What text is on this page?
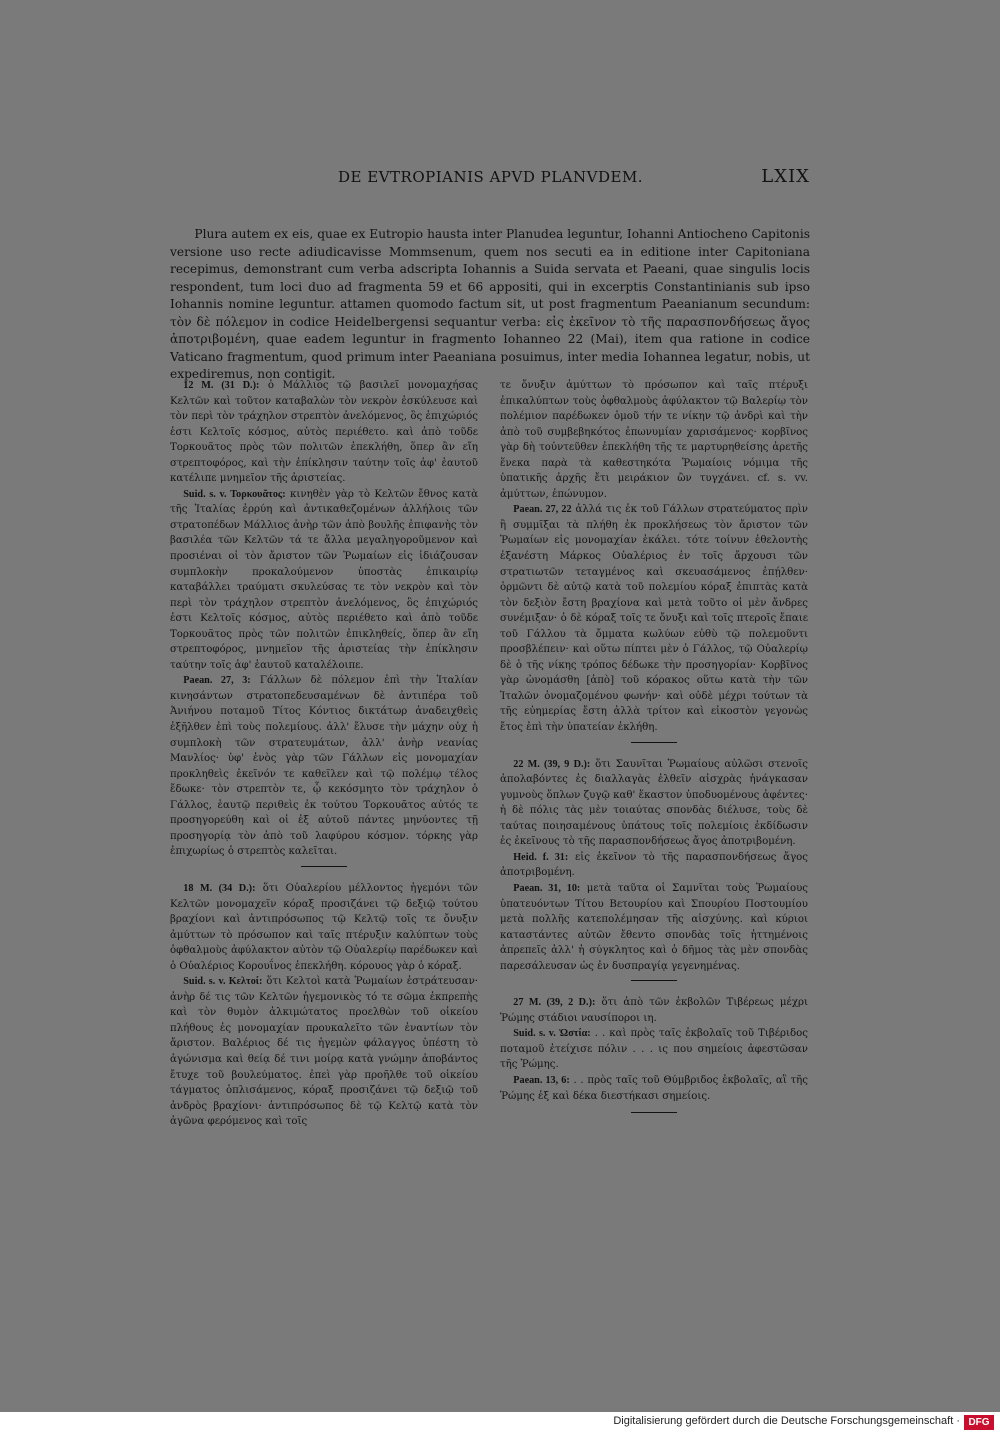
DE EVTROPIANIS APVD PLANVDEM.	LXIX

Plura autem ex eis, quae ex Eutropio hausta inter Planudea leguntur, Iohanni Antiocheno Capitonis versione uso recte adiudicavisse Mommsenum, quem nos secuti ea in editione inter Capitoniana recepimus, demonstrant cum verba adscripta Iohannis a Suida servata et Paeani, quae singulis locis respondent, tum loci duo ad fragmenta 59 et 66 appositi, qui in excerptis Constantinianis sub ipso Iohannis nomine leguntur. attamen quomodo factum sit, ut post fragmentum Paeanianum secundum: τὸν δὲ πόλεμον in codice Heidelbergensi sequantur verba: εἰς ἐκεῖνον τὸ τῆς παρασπονδήσεως ἄγος ἀποτριβομένη, quae eadem leguntur in fragmento Iohanneo 22 (Mai), item qua ratione in codice Vaticano fragmentum, quod primum inter Paeaniana posuimus, inter media Iohannea legatur, nobis, ut expediremus, non contigit.

12 M. (31 D.): ὁ Μάλλιος τῷ βασιλεῖ μονομαχήσας Κελτῶν καὶ τοῦτον καταβαλὼν τὸν νεκρὸν ἐσκύλευσε καὶ τὸν περὶ τὸν τράχηλον στρεπτὸν ἀνελόμενος, ὃς ἐπιχώριός ἐστι Κελτοῖς κόσμος, αὐτὸς περιέθετο. καὶ ἀπὸ τοῦδε Τορκουᾶτος πρὸς τῶν πολιτῶν ἐπεκλήθη, ὅπερ ἂν εἴη στρεπτοφόρος, καὶ τὴν ἐπίκλησιν ταύτην τοῖς ἀφ' ἑαυτοῦ κατέλιπε μνημεῖον τῆς ἀριστείας.

Suid. s. v. Τορκουᾶτος: κινηθὲν γὰρ τὸ Κελτῶν ἔθνος κατὰ τῆς Ἰταλίας ἐρρύη καὶ ἀντικαθεζομένων ἀλλήλοις τῶν στρατοπέδων Μάλλιος ἀνὴρ τῶν ἀπὸ βουλῆς ἐπιφανὴς τὸν βασιλέα τῶν Κελτῶν τά τε ἄλλα μεγαληγοροῦμενον καὶ προσιέναι οἱ τὸν ἄριστον τῶν Ῥωμαίων εἰς ἰδιάζουσαν συμπλοκὴν προκαλούμενον ὑποστὰς ἐπικαιρίῳ καταβάλλει τραύματι σκυλεύσας τε τὸν νεκρὸν καὶ τὸν περὶ τὸν τράχηλον στρεπτὸν ἀνελόμενος, ὃς ἐπιχώριός ἐστι Κελτοῖς κόσμος, αὐτὸς περιέθετο καὶ ἀπὸ τοῦδε Τορκουᾶτος πρὸς τῶν πολιτῶν ἐπικληθείς, ὅπερ ἂν εἴη στρεπτοφόρος, μνημεῖον τῆς ἀριστείας τὴν ἐπίκλησιν ταύτην τοῖς ἀφ' ἑαυτοῦ καταλέλοιπε.

Paean. 27, 3: Γάλλων δὲ πόλεμον ἐπὶ τὴν Ἰταλίαν κινησάντων στρατοπεδευσαμένων δὲ ἀντιπέρα τοῦ Ἀνιήνου ποταμοῦ Τίτος Κόντιος δικτάτωρ ἀναδειχθεὶς ἐξῆλθεν ἐπὶ τοὺς πολεμίους. ἀλλ' ἔλυσε τὴν μάχην οὐχ ἡ συμπλοκὴ τῶν στρατευμάτων, ἀλλ' ἀνὴρ νεανίας Μανλίος· ὑφ' ἑνὸς γὰρ τῶν Γάλλων εἰς μονομαχίαν προκληθεὶς ἐκεῖνόν τε καθεῖλεν καὶ τῷ πολέμῳ τέλος ἔδωκε· τὸν στρεπτὸν τε, ᾧ κεκόσμητο τὸν τράχηλον ὁ Γάλλος, ἑαυτῷ περιθεὶς ἐκ τούτου Τορκουᾶτος αὐτός τε προσηγορεύθη καὶ οἱ ἐξ αὐτοῦ πάντες μηνύοντες τῇ προσηγορίᾳ τὸν ἀπὸ τοῦ λαφύρου κόσμον. τόρκης γὰρ ἐπιχωρίως ὁ στρεπτὸς καλεῖται.

18 M. (34 D.): ὅτι Οὐαλερίου μέλλοντος ἡγεμόνι τῶν Κελτῶν μονομαχεῖν κόραξ προσιζάνει τῷ δεξιῷ τούτου βραχίονι καὶ ἀντιπρόσωπος τῷ Κελτῷ τοῖς τε ὄνυξιν ἀμύττων τὸ πρόσωπον καὶ ταῖς πτέρυξιν καλύπτων τοὺς ὀφθαλμοὺς ἀφύλακτον αὐτὸν τῷ Οὐαλερίῳ παρέδωκεν καὶ ὁ Οὐαλέριος Κορουΐνος ἐπεκλήθη. κόρουος γὰρ ὁ κόραξ.

Suid. s. v. Κελτοί: ὅτι Κελτοὶ κατὰ Ῥωμαίων ἐστράτευσαν· ἀνὴρ δέ τις τῶν Κελτῶν ἡγεμονικὸς τό τε σῶμα ἐκπρεπὴς καὶ τὸν θυμὸν ἀλκιμώτατος προελθὼν τοῦ οἰκείου πλήθους ἐς μονομαχίαν προυκαλεῖτο τῶν ἐναντίων τὸν ἄριστον. Βαλέριος δέ τις ἡγεμὼν φάλαγγος ὑπέστη τὸ ἀγώνισμα καὶ θείᾳ δέ τινι μοίρᾳ κατὰ γνώμην ἀποβάντος ἔτυχε τοῦ βουλεύματος. ἐπεὶ γὰρ προῆλθε τοῦ οἰκείου τάγματος ὁπλισάμενος, κόραξ προσιζάνει τῷ δεξιῷ τοῦ ἀνδρὸς βραχίονι· ἀντιπρόσωπος δὲ τῷ Κελτῷ κατὰ τὸν ἀγῶνα φερόμενος καὶ τοῖς

τε ὄνυξιν ἀμύττων τὸ πρόσωπον καὶ ταῖς πτέρυξι ἐπικαλύπτων τοὺς ὀφθαλμοὺς ἀφύλακτον τῷ Βαλερίῳ τὸν πολέμιον παρέδωκεν ὁμοῦ τήν τε νίκην τῷ ἀνδρὶ καὶ τὴν ἀπὸ τοῦ συμβεβηκότος ἐπωνυμίαν χαρισάμενος· κορβῖνος γὰρ δὴ τοὐντεῦθεν ἐπεκλήθη τῆς τε μαρτυρηθείσης ἀρετῆς ἕνεκα παρὰ τὰ καθεστηκότα Ῥωμαίοις νόμιμα τῆς ὑπατικῆς ἀρχῆς ἔτι μειράκιον ὢν τυγχάνει. cf. s. vv. ἀμύττων, ἐπώνυμον.

Paean. 27, 22 ἀλλά τις ἐκ τοῦ Γάλλων στρατεύματος πρὶν ἢ συμμῖξαι τὰ πλήθη ἐκ προκλήσεως τὸν ἄριστον τῶν Ῥωμαίων εἰς μονομαχίαν ἐκάλει. τότε τοίνυν ἐθελοντὴς ἐξανέστη Μάρκος Οὐαλέριος ἐν τοῖς ἄρχουσι τῶν στρατιωτῶν τεταγμένος καὶ σκευασάμενος ἐπῄλθεν· ὁρμῶντι δὲ αὐτῷ κατὰ τοῦ πολεμίου κόραξ ἐπιπτὰς κατὰ τὸν δεξιὸν ἔστη βραχίονα καὶ μετὰ τοῦτο οἱ μὲν ἄνδρες συνέμιξαν· ὁ δὲ κόραξ τοῖς τε ὄνυξι καὶ τοῖς πτεροῖς ἔπαιε τοῦ Γάλλου τὰ ὄμματα κωλύων εὐθὺ τῷ πολεμοῦντι προσβλέπειν· καὶ οὕτω πίπτει μὲν ὁ Γάλλος, τῷ Οὐαλερίῳ δὲ ὁ τῆς νίκης τρόπος δέδωκε τὴν προσηγορίαν· Κορβῖνος γὰρ ὠνομάσθη [ἀπὸ] τοῦ κόρακος οὕτω κατὰ τὴν τῶν Ἰταλῶν ὀνομαζομένου φωνήν· καὶ οὐδὲ μέχρι τούτων τὰ τῆς εὐημερίας ἔστη ἀλλὰ τρίτον καὶ εἰκοστὸν γεγονὼς ἔτος ἐπὶ τὴν ὑπατείαν ἐκλήθη.

22 M. (39, 9 D.): ὅτι Σαυνῖται Ῥωμαίους αὐλῶσι στενοῖς ἀπολαβόντες ἐς διαλλαγὰς ἐλθεῖν αἰσχρὰς ἠνάγκασαν γυμνοὺς ὅπλων ζυγῷ καθ' ἕκαστον ὑποδυομένους ἀφέντες· ἡ δὲ πόλις τὰς μὲν τοιαύτας σπονδὰς διέλυσε, τοὺς δὲ ταύτας ποιησαμένους ὑπάτους τοῖς πολεμίοις ἐκδίδωσιν ἐς ἐκεῖνους τὸ τῆς παρασπονδήσεως ἄγος ἀποτριβομένη.

Heid. f. 31: εἰς ἐκεῖνον τὸ τῆς παρασπονδήσεως ἄγος ἀποτριβομένη.

Paean. 31, 10: μετὰ ταῦτα οἱ Σαμνῖται τοὺς Ῥωμαίους ὑπατευόντων Τίτου Βετουρίου καὶ Σπουρίου Ποστουμίου μετὰ πολλῆς κατεπολέμησαν τῆς αἰσχύνης. καὶ κύριοι καταστάντες αὐτῶν ἔθεντο σπονδὰς τοῖς ἡττημένοις ἀπρεπεῖς ἀλλ' ἡ σύγκλητος καὶ ὁ δῆμος τὰς μὲν σπονδὰς παρεσάλευσαν ὡς ἐν δυσπραγίᾳ γεγενημένας.

27 M. (39, 2 D.): ὅτι ἀπὸ τῶν ἐκβολῶν Τιβέρεως μέχρι Ῥώμης στάδιοι ναυσίποροι ιη.

Suid. s. v. Ὠστία: . . καὶ πρὸς ταῖς ἐκβολαῖς τοῦ Τιβέριδος ποταμοῦ ἐτείχισε πόλιν . . . ις που σημείοις ἀφεστῶσαν τῆς Ῥώμης.

Paean. 13, 6: . . πρὸς ταῖς τοῦ Θύμβριδος ἐκβολαῖς, αἳ τῆς Ῥώμης ἐξ καὶ δέκα διεστήκασι σημείοις.

Digitalisierung gefördert durch die Deutsche Forschungsgemeinschaft · DFG
